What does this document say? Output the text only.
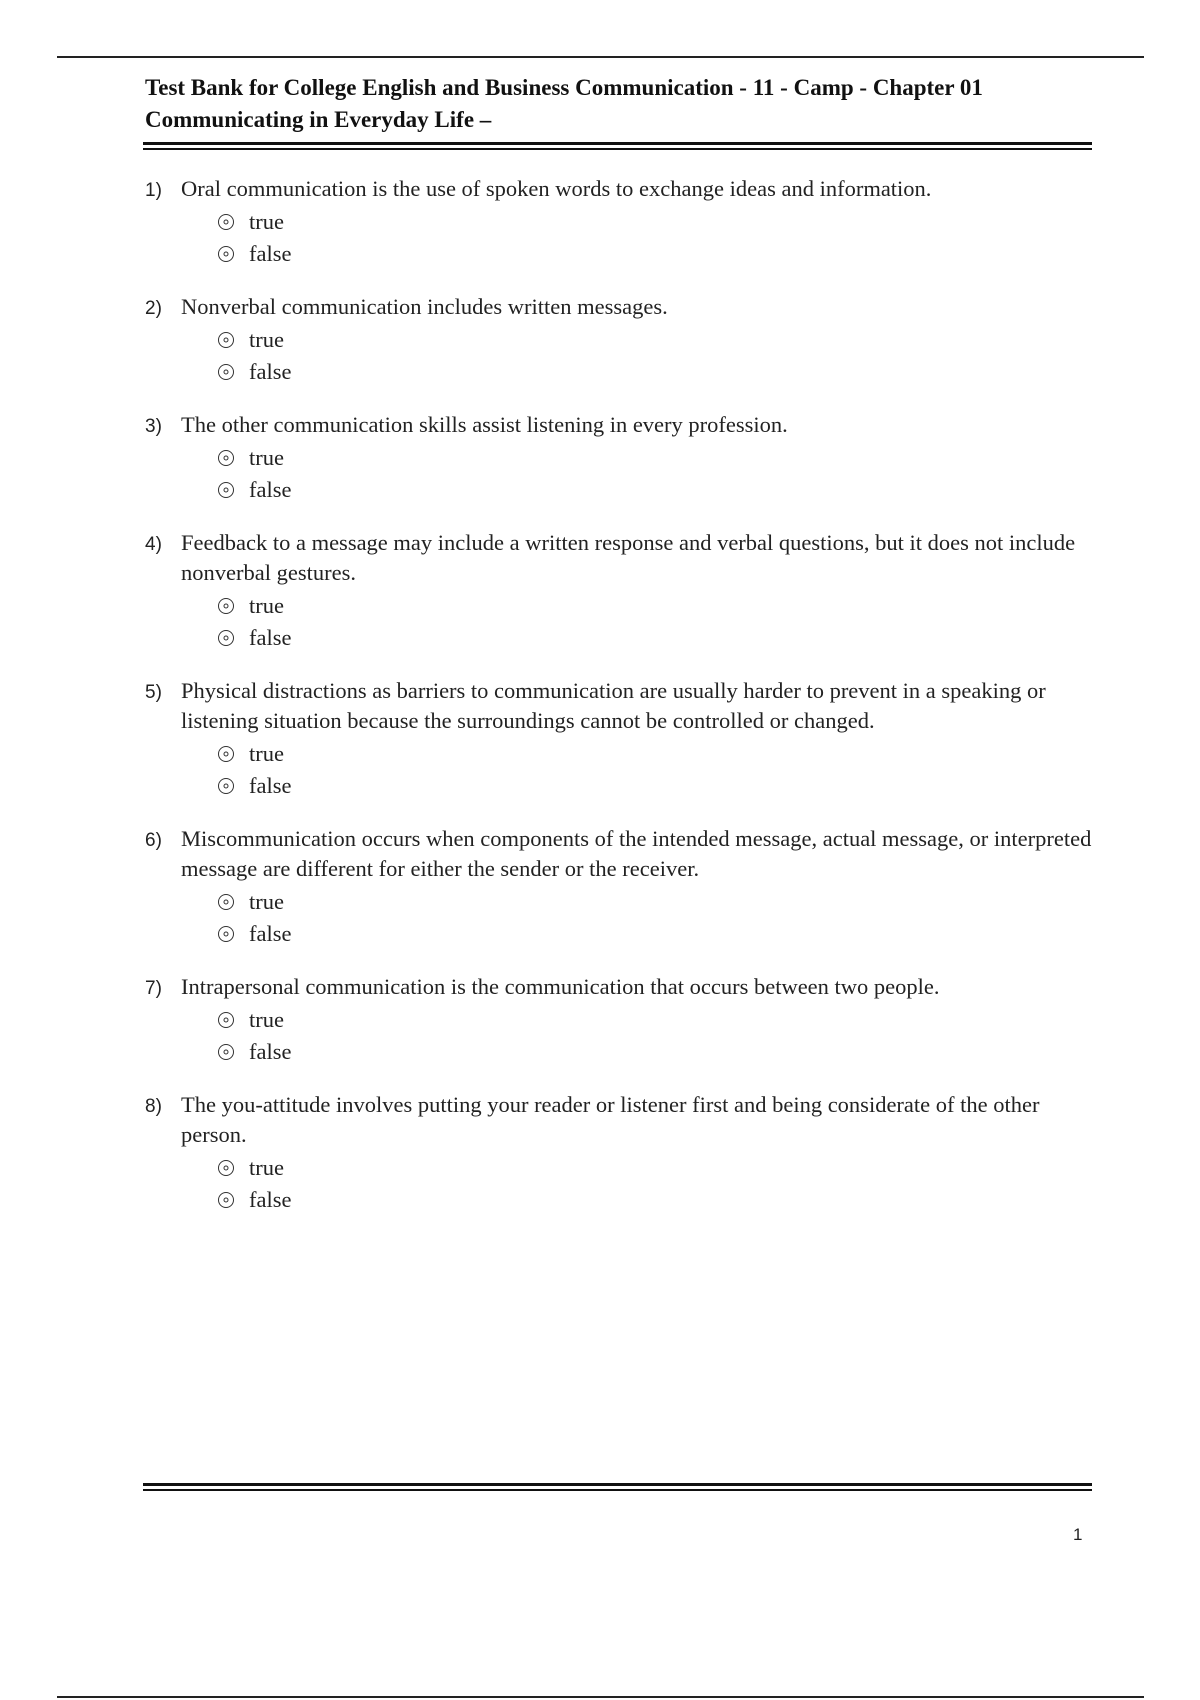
Test Bank for College English and Business Communication - 11 - Camp - Chapter 01

Communicating in Everyday Life –

1) Oral communication is the use of spoken words to exchange ideas and information.
true
false
2) Nonverbal communication includes written messages.
true
false
3) The other communication skills assist listening in every profession.
true
false
4) Feedback to a message may include a written response and verbal questions, but it does not include nonverbal gestures.
true
false
5) Physical distractions as barriers to communication are usually harder to prevent in a speaking or listening situation because the surroundings cannot be controlled or changed.
true
false
6) Miscommunication occurs when components of the intended message, actual message, or interpreted message are different for either the sender or the receiver.
true
false
7) Intrapersonal communication is the communication that occurs between two people.
true
false
8) The you-attitude involves putting your reader or listener first and being considerate of the other person.
true
false
1
